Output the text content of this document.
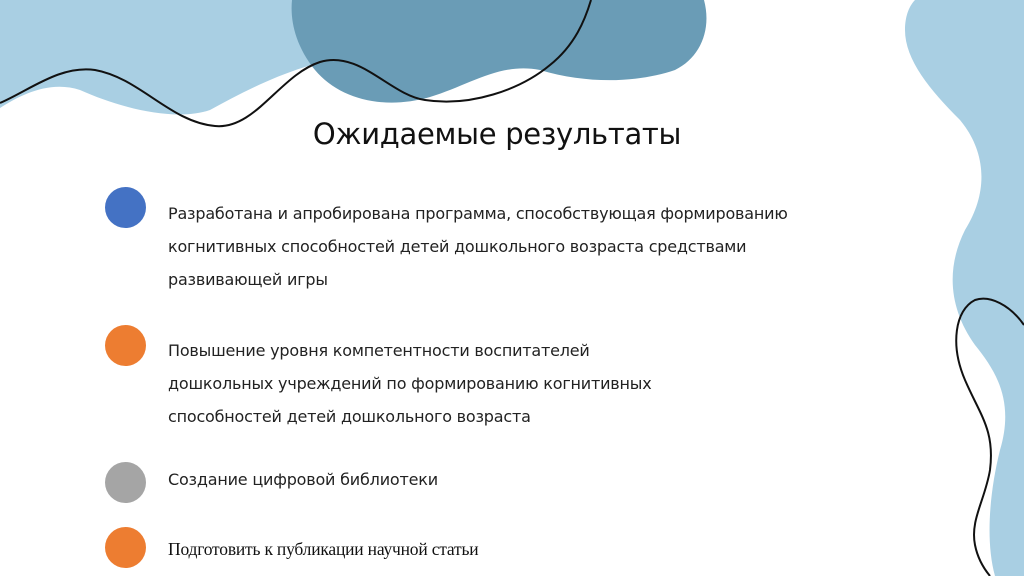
Ожидаемые результаты
Разработана и апробирована программа, способствующая формированию
когнитивных способностей детей дошкольного возраста средствами
развивающей игры
Повышение уровня компетентности воспитателей
дошкольных учреждений по формированию когнитивных
способностей детей дошкольного возраста
Создание цифровой библиотеки
Подготовить к публикации научной статьи
